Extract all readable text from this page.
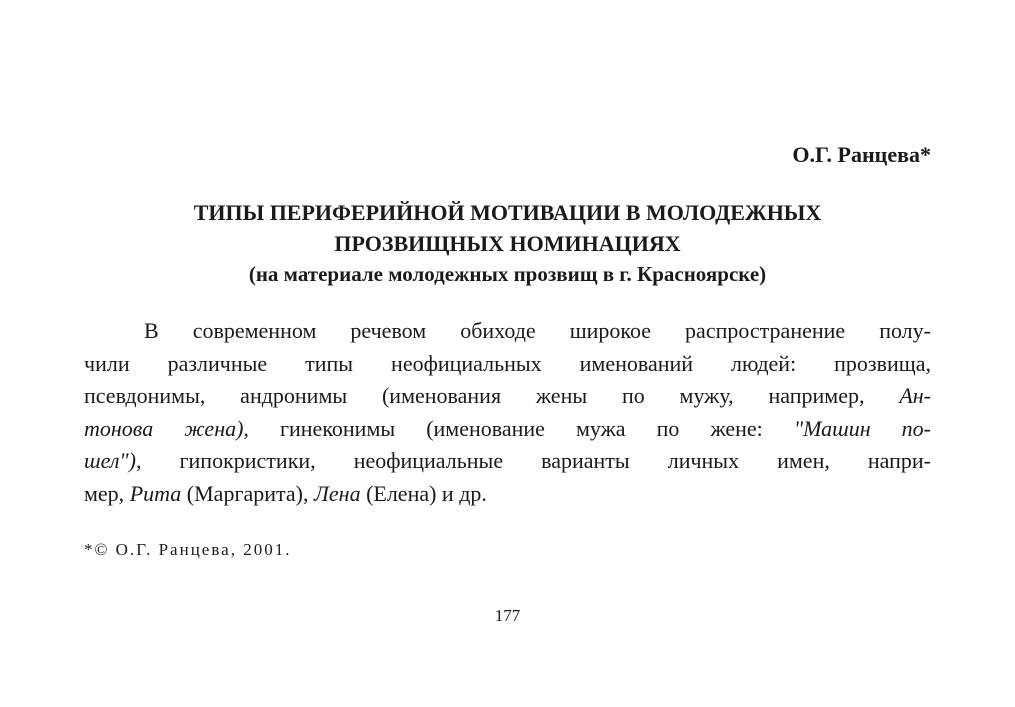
О.Г. Ранцева*
ТИПЫ ПЕРИФЕРИЙНОЙ МОТИВАЦИИ В МОЛОДЕЖНЫХ
ПРОЗВИЩНЫХ НОМИНАЦИЯХ
(на материале молодежных прозвищ в г. Красноярске)
В современном речевом обиходе широкое распространение полу-
чили различные типы неофициальных именований людей: прозвища,
псевдонимы, андронимы (именования жены по мужу, например, Ан-
тонова жена), гинеконимы (именование мужа по жене: "Машин по-
шел"), гипокристики, неофициальные варианты личных имен, напри-
мер, Рита (Маргарита), Лена (Елена) и др.
*© О.Г. Ранцева, 2001.
177
